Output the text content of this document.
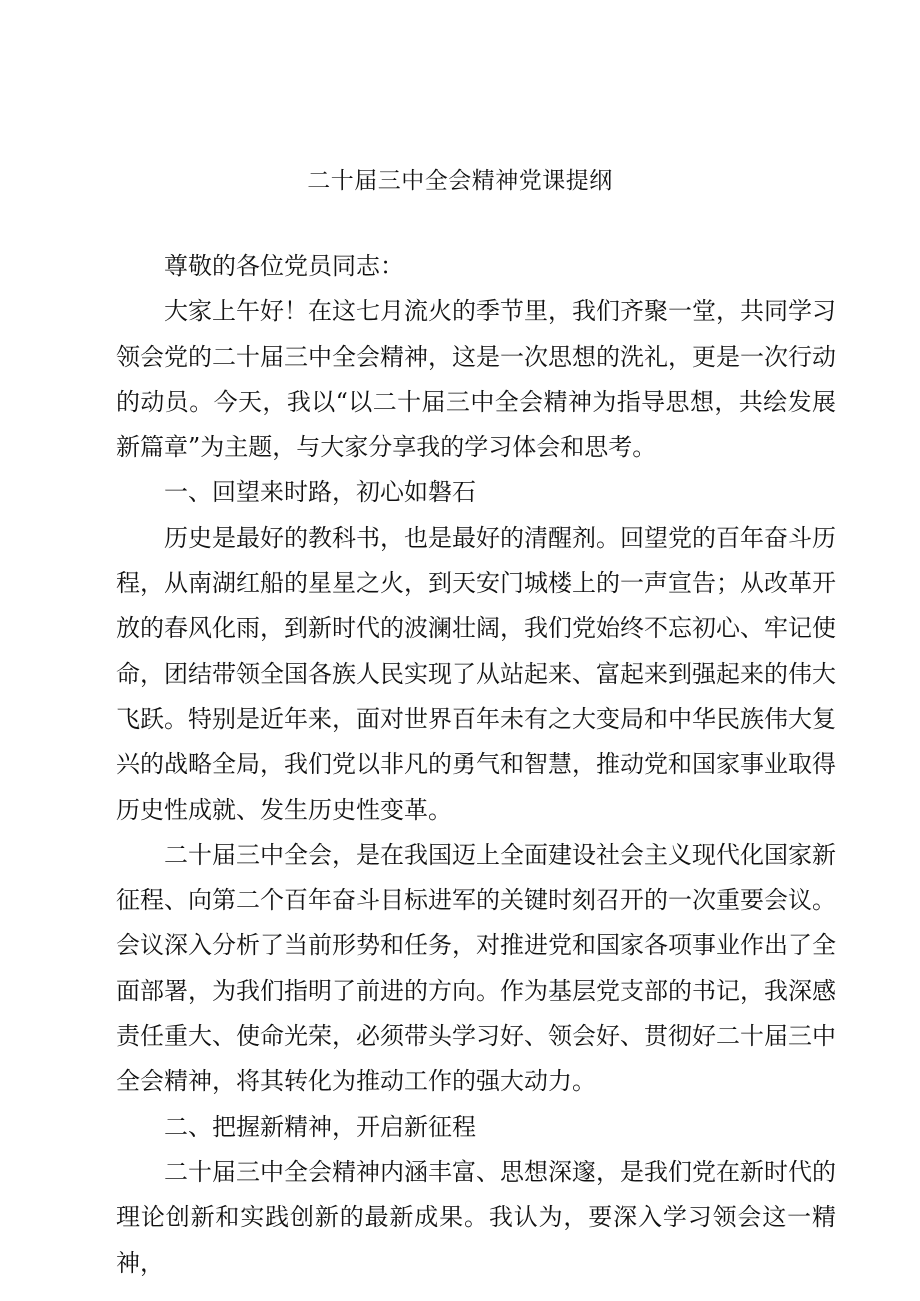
二十届三中全会精神党课提纲

尊敬的各位党员同志：

大家上午好！在这七月流火的季节里，我们齐聚一堂，共同学习领会党的二十届三中全会精神，这是一次思想的洗礼，更是一次行动的动员。今天，我以“以二十届三中全会精神为指导思想，共绘发展新篇章”为主题，与大家分享我的学习体会和思考。

一、回望来时路，初心如磐石

历史是最好的教科书，也是最好的清醒剂。回望党的百年奋斗历程，从南湖红船的星星之火，到天安门城楼上的一声宣告；从改革开放的春风化雨，到新时代的波澜壮阔，我们党始终不忘初心、牢记使命，团结带领全国各族人民实现了从站起来、富起来到强起来的伟大飞跃。特别是近年来，面对世界百年未有之大变局和中华民族伟大复兴的战略全局，我们党以非凡的勇气和智慧，推动党和国家事业取得历史性成就、发生历史性变革。

二十届三中全会，是在我国迈上全面建设社会主义现代化国家新征程、向第二个百年奋斗目标进军的关键时刻召开的一次重要会议。会议深入分析了当前形势和任务，对推进党和国家各项事业作出了全面部署，为我们指明了前进的方向。作为基层党支部的书记，我深感责任重大、使命光荣，必须带头学习好、领会好、贯彻好二十届三中全会精神，将其转化为推动工作的强大动力。

二、把握新精神，开启新征程

二十届三中全会精神内涵丰富、思想深邃，是我们党在新时代的理论创新和实践创新的最新成果。我认为，要深入学习领会这一精神，
